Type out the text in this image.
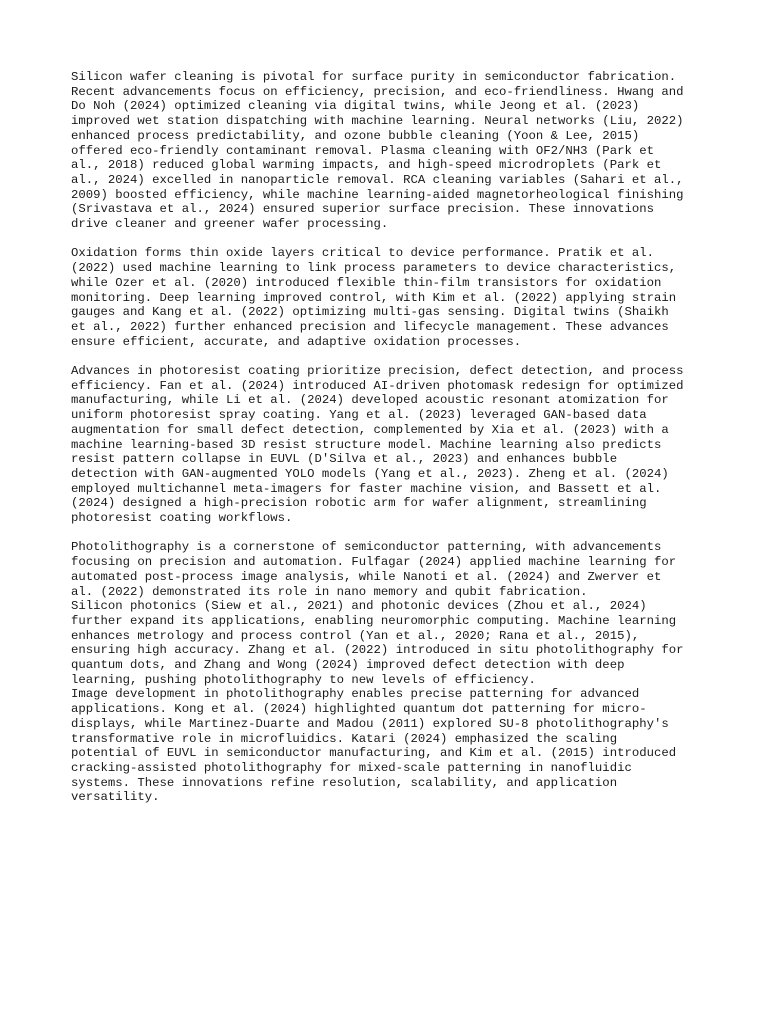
Silicon wafer cleaning is pivotal for surface purity in semiconductor fabrication.
Recent advancements focus on efficiency, precision, and eco-friendliness. Hwang and
Do Noh (2024) optimized cleaning via digital twins, while Jeong et al. (2023)
improved wet station dispatching with machine learning. Neural networks (Liu, 2022)
enhanced process predictability, and ozone bubble cleaning (Yoon & Lee, 2015)
offered eco-friendly contaminant removal. Plasma cleaning with OF2/NH3 (Park et
al., 2018) reduced global warming impacts, and high-speed microdroplets (Park et
al., 2024) excelled in nanoparticle removal. RCA cleaning variables (Sahari et al.,
2009) boosted efficiency, while machine learning-aided magnetorheological finishing
(Srivastava et al., 2024) ensured superior surface precision. These innovations
drive cleaner and greener wafer processing.

Oxidation forms thin oxide layers critical to device performance. Pratik et al.
(2022) used machine learning to link process parameters to device characteristics,
while Ozer et al. (2020) introduced flexible thin-film transistors for oxidation
monitoring. Deep learning improved control, with Kim et al. (2022) applying strain
gauges and Kang et al. (2022) optimizing multi-gas sensing. Digital twins (Shaikh
et al., 2022) further enhanced precision and lifecycle management. These advances
ensure efficient, accurate, and adaptive oxidation processes.

Advances in photoresist coating prioritize precision, defect detection, and process
efficiency. Fan et al. (2024) introduced AI-driven photomask redesign for optimized
manufacturing, while Li et al. (2024) developed acoustic resonant atomization for
uniform photoresist spray coating. Yang et al. (2023) leveraged GAN-based data
augmentation for small defect detection, complemented by Xia et al. (2023) with a
machine learning-based 3D resist structure model. Machine learning also predicts
resist pattern collapse in EUVL (D'Silva et al., 2023) and enhances bubble
detection with GAN-augmented YOLO models (Yang et al., 2023). Zheng et al. (2024)
employed multichannel meta-imagers for faster machine vision, and Bassett et al.
(2024) designed a high-precision robotic arm for wafer alignment, streamlining
photoresist coating workflows.

Photolithography is a cornerstone of semiconductor patterning, with advancements
focusing on precision and automation. Fulfagar (2024) applied machine learning for
automated post-process image analysis, while Nanoti et al. (2024) and Zwerver et
al. (2022) demonstrated its role in nano memory and qubit fabrication.
Silicon photonics (Siew et al., 2021) and photonic devices (Zhou et al., 2024)
further expand its applications, enabling neuromorphic computing. Machine learning
enhances metrology and process control (Yan et al., 2020; Rana et al., 2015),
ensuring high accuracy. Zhang et al. (2022) introduced in situ photolithography for
quantum dots, and Zhang and Wong (2024) improved defect detection with deep
learning, pushing photolithography to new levels of efficiency.
Image development in photolithography enables precise patterning for advanced
applications. Kong et al. (2024) highlighted quantum dot patterning for micro-
displays, while Martinez-Duarte and Madou (2011) explored SU-8 photolithography's
transformative role in microfluidics. Katari (2024) emphasized the scaling
potential of EUVL in semiconductor manufacturing, and Kim et al. (2015) introduced
cracking-assisted photolithography for mixed-scale patterning in nanofluidic
systems. These innovations refine resolution, scalability, and application
versatility.
